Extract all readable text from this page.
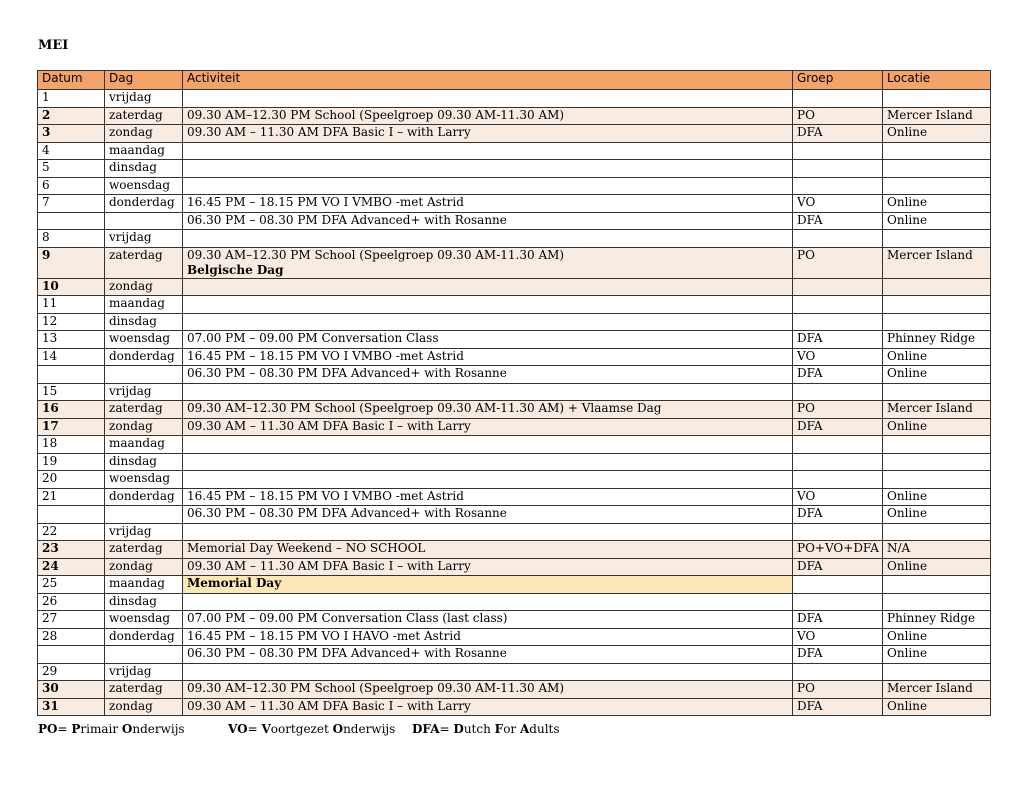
MEI
Datum	Dag	Activiteit	Groep	Locatie
1	vrijdag			
2	zaterdag	09.30 AM–12.30 PM School (Speelgroep 09.30 AM-11.30 AM)	PO	Mercer Island
3	zondag	09.30 AM – 11.30 AM DFA Basic I – with Larry	DFA	Online
4	maandag			
5	dinsdag			
6	woensdag			
7	donderdag	16.45 PM – 18.15 PM VO I VMBO -met Astrid	VO	Online
		06.30 PM – 08.30 PM DFA Advanced+ with Rosanne	DFA	Online
8	vrijdag			
9	zaterdag	09.30 AM–12.30 PM School (Speelgroep 09.30 AM-11.30 AM)
Belgische Dag	PO	Mercer Island
10	zondag			
11	maandag			
12	dinsdag			
13	woensdag	07.00 PM – 09.00 PM Conversation Class	DFA	Phinney Ridge
14	donderdag	16.45 PM – 18.15 PM VO I VMBO -met Astrid	VO	Online
		06.30 PM – 08.30 PM DFA Advanced+ with Rosanne	DFA	Online
15	vrijdag			
16	zaterdag	09.30 AM–12.30 PM School (Speelgroep 09.30 AM-11.30 AM) + Vlaamse Dag	PO	Mercer Island
17	zondag	09.30 AM – 11.30 AM DFA Basic I – with Larry	DFA	Online
18	maandag			
19	dinsdag			
20	woensdag			
21	donderdag	16.45 PM – 18.15 PM VO I VMBO -met Astrid	VO	Online
		06.30 PM – 08.30 PM DFA Advanced+ with Rosanne	DFA	Online
22	vrijdag			
23	zaterdag	Memorial Day Weekend – NO SCHOOL	PO+VO+DFA	N/A
24	zondag	09.30 AM – 11.30 AM DFA Basic I – with Larry	DFA	Online
25	maandag	Memorial Day		
26	dinsdag			
27	woensdag	07.00 PM – 09.00 PM Conversation Class (last class)	DFA	Phinney Ridge
28	donderdag	16.45 PM – 18.15 PM VO I HAVO -met Astrid	VO	Online
		06.30 PM – 08.30 PM DFA Advanced+ with Rosanne	DFA	Online
29	vrijdag			
30	zaterdag	09.30 AM–12.30 PM School (Speelgroep 09.30 AM-11.30 AM)	PO	Mercer Island
31	zondag	09.30 AM – 11.30 AM DFA Basic I – with Larry	DFA	Online
PO= Primair Onderwijs	VO= Voortgezet Onderwijs DFA= Dutch For Adults
